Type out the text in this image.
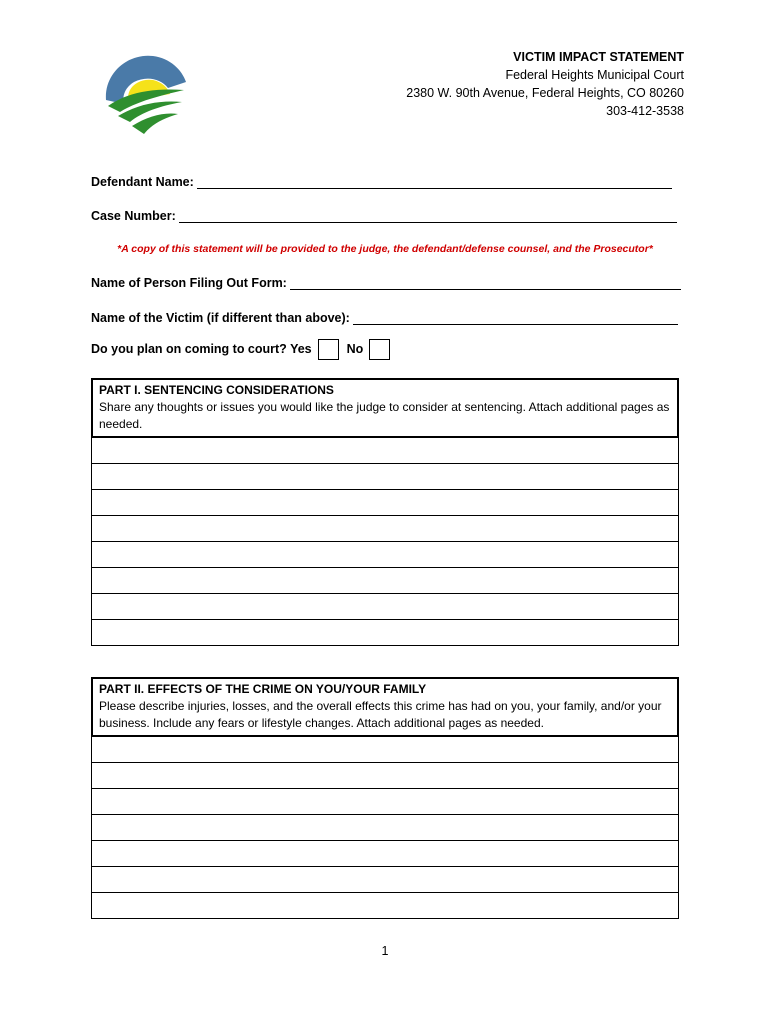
VICTIM IMPACT STATEMENT
Federal Heights Municipal Court
2380 W. 90th Avenue, Federal Heights, CO 80260
303-412-3538
Defendant Name:
Case Number:
*A copy of this statement will be provided to the judge, the defendant/defense counsel, and the Prosecutor*
Name of Person Filing Out Form:
Name of the Victim (if different than above):
Do you plan on coming to court? Yes	No
PART I. SENTENCING CONSIDERATIONS
Share any thoughts or issues you would like the judge to consider at sentencing. Attach additional pages as needed.
PART II. EFFECTS OF THE CRIME ON YOU/YOUR FAMILY
Please describe injuries, losses, and the overall effects this crime has had on you, your family, and/or your business. Include any fears or lifestyle changes. Attach additional pages as needed.
1
